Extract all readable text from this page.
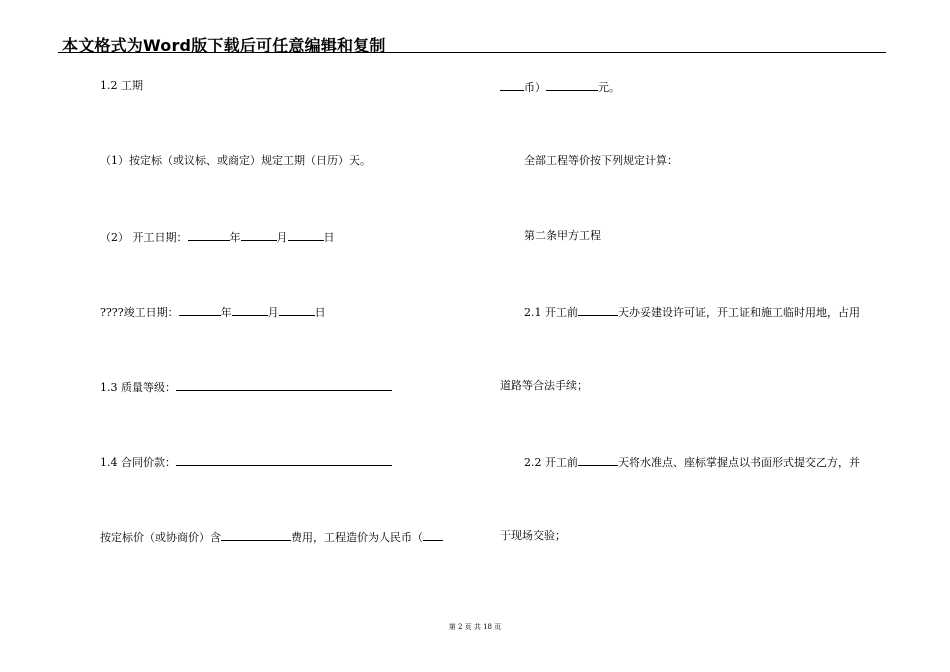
本文格式为Word版下载后可任意编辑和复制
1.2 工期
（1）按定标（或议标、或商定）规定工期（日历）天。
（2） 开工日期：	年	月	日
????竣工日期：	年	月	日
1.3 质量等级：
1.4 合同价款：
按定标价（或协商价）含	费用，工程造价为人民币（
币）	元。
全部工程等价按下列规定计算：
第二条甲方工程
2.1 开工前	天办妥建设许可证，开工证和施工临时用地，占用
道路等合法手续；
2.2 开工前	天将水准点、座标掌握点以书面形式提交乙方，并
于现场交验；
第 2 页 共 18 页
